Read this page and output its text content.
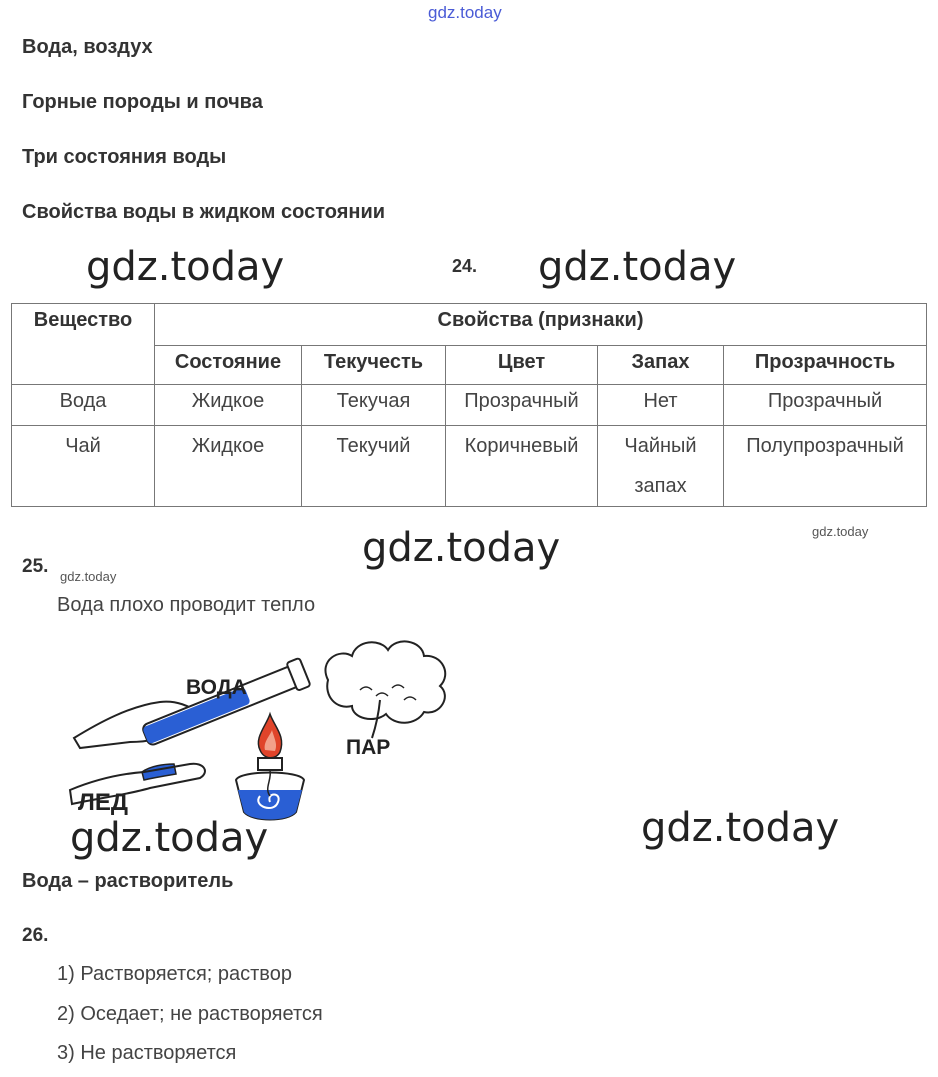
gdz.today
Вода, воздух
Горные породы и почва
Три состояния воды
Свойства воды в жидком состоянии
gdz.today	24. gdz.today
Вещество	Свойства (признаки)				
	Состояние	Текучесть	Цвет	Запах	Прозрачность
Вода	Жидкое	Текучая	Прозрачный	Нет	Прозрачный
Чай	Жидкое	Текучий	Коричневый	Чайный запах	Полупрозрачный
gdz.today
gdz.today
25. gdz.today
Вода плохо проводит тепло
ВОДА
ПАР
ЛЕД
gdz.today	gdz.today
Вода – растворитель
26.
1) Растворяется; раствор
2) Оседает; не растворяется
3) Не растворяется
